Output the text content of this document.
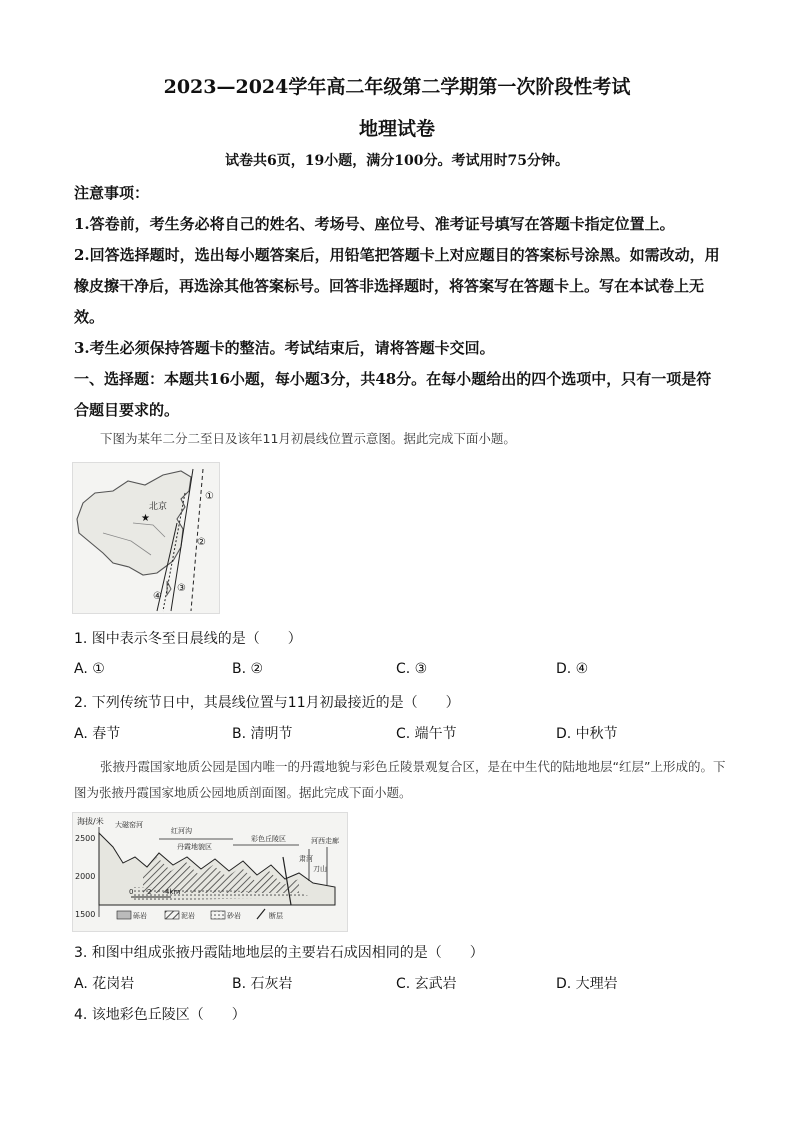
2023—2024学年高二年级第二学期第一次阶段性考试
地理试卷
试卷共6页，19小题，满分100分。考试用时75分钟。
注意事项：
1.答卷前，考生务必将自己的姓名、考场号、座位号、准考证号填写在答题卡指定位置上。
2.回答选择题时，选出每小题答案后，用铅笔把答题卡上对应题目的答案标号涂黑。如需改动，用橡皮擦干净后，再选涂其他答案标号。回答非选择题时，将答案写在答题卡上。写在本试卷上无效。
3.考生必须保持答题卡的整洁。考试结束后，请将答题卡交回。
一、选择题：本题共16小题，每小题3分，共48分。在每小题给出的四个选项中，只有一项是符合题目要求的。
下图为某年二分二至日及该年11月初晨线位置示意图。据此完成下面小题。
北京
★
①
②
③
④
1. 图中表示冬至日晨线的是（　　）
A. ①	B. ②	C. ③	D. ④
2. 下列传统节日中，其晨线位置与11月初最接近的是（　　）
A. 春节	B. 清明节	C. 端午节	D. 中秋节
张掖丹霞国家地质公园是国内唯一的丹霞地貌与彩色丘陵景观复合区，是在中生代的陆地地层“红层”上形成的。下图为张掖丹霞国家地质公园地质剖面图。据此完成下面小题。
海拔/米
2500
2000
1500
大磁窑河
红河沟
丹霞地貌区
彩色丘陵区
肃河
刀山
河西走廊
0 2 4km
砾岩	泥岩	砂岩	断层
3. 和图中组成张掖丹霞陆地地层的主要岩石成因相同的是（　　）
A. 花岗岩	B. 石灰岩	C. 玄武岩	D. 大理岩
4. 该地彩色丘陵区（　　）
